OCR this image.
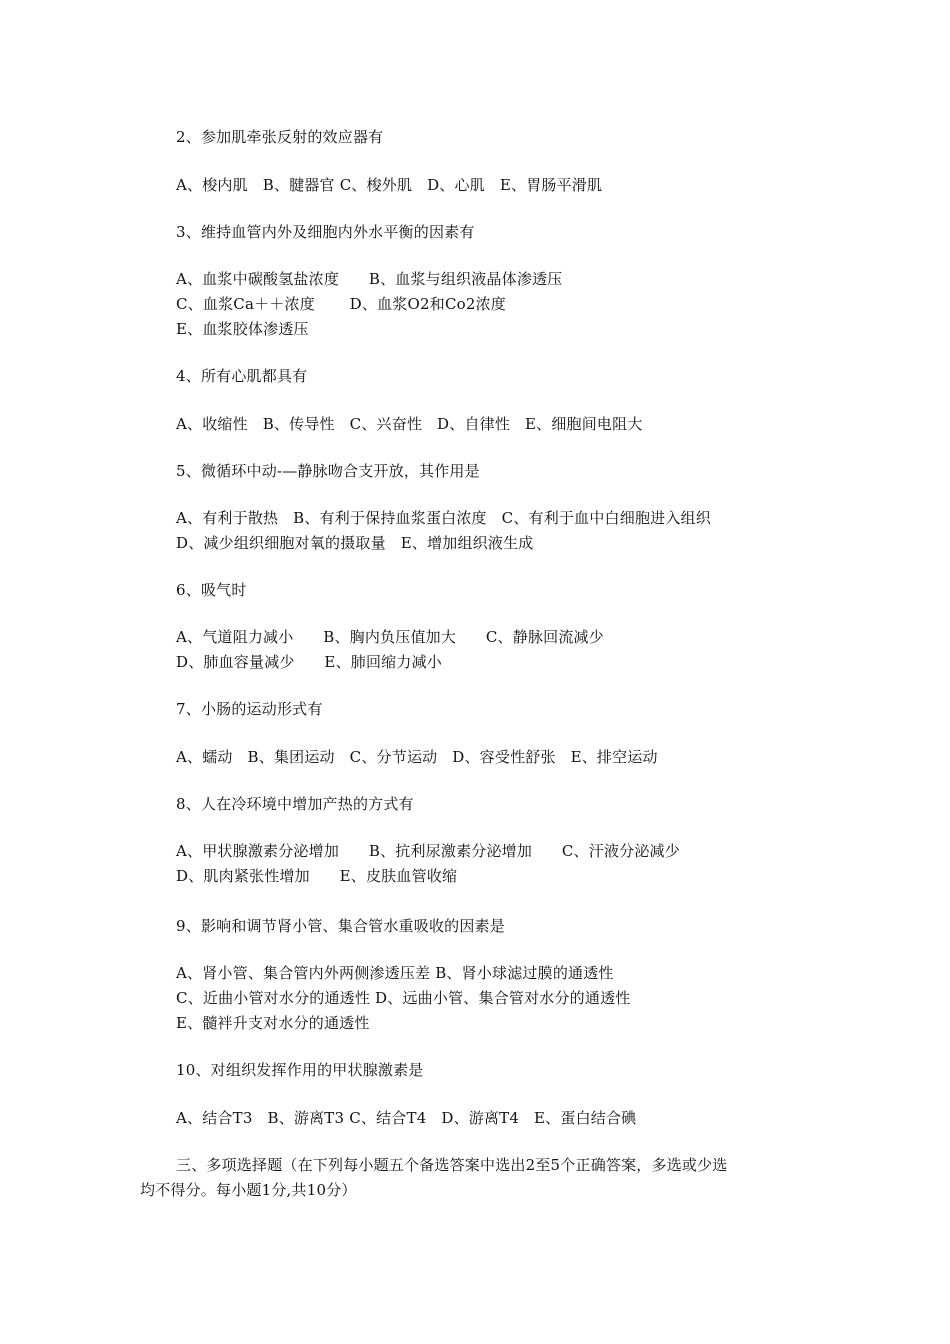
2、参加肌牵张反射的效应器有
A、梭内肌   B、腱器官 C、梭外肌   D、心肌   E、胃肠平滑肌
3、维持血管内外及细胞内外水平衡的因素有
A、血浆中碳酸氢盐浓度      B、血浆与组织液晶体渗透压
C、血浆Ca＋＋浓度       D、血浆O2和Co2浓度
E、血浆胶体渗透压
4、所有心肌都具有
A、收缩性   B、传导性   C、兴奋性   D、自律性   E、细胞间电阻大
5、微循环中动-—静脉吻合支开放，其作用是
A、有利于散热   B、有利于保持血浆蛋白浓度   C、有利于血中白细胞进入组织
D、减少组织细胞对氧的摄取量   E、增加组织液生成
6、吸气时
A、气道阻力减小      B、胸内负压值加大      C、静脉回流减少
D、肺血容量减少      E、肺回缩力减小
7、小肠的运动形式有
A、蠕动   B、集团运动   C、分节运动   D、容受性舒张   E、排空运动
8、人在冷环境中增加产热的方式有
A、甲状腺激素分泌增加      B、抗利尿激素分泌增加      C、汗液分泌减少
D、肌肉紧张性增加      E、皮肤血管收缩
9、影响和调节肾小管、集合管水重吸收的因素是
A、肾小管、集合管内外两侧渗透压差 B、肾小球滤过膜的通透性
C、近曲小管对水分的通透性 D、远曲小管、集合管对水分的通透性
E、髓袢升支对水分的通透性
10、对组织发挥作用的甲状腺激素是
A、结合T3   B、游离T3 C、结合T4   D、游离T4   E、蛋白结合碘
三、多项选择题（在下列每小题五个备选答案中选出2至5个正确答案，多选或少选
均不得分。每小题1分,共10分）
